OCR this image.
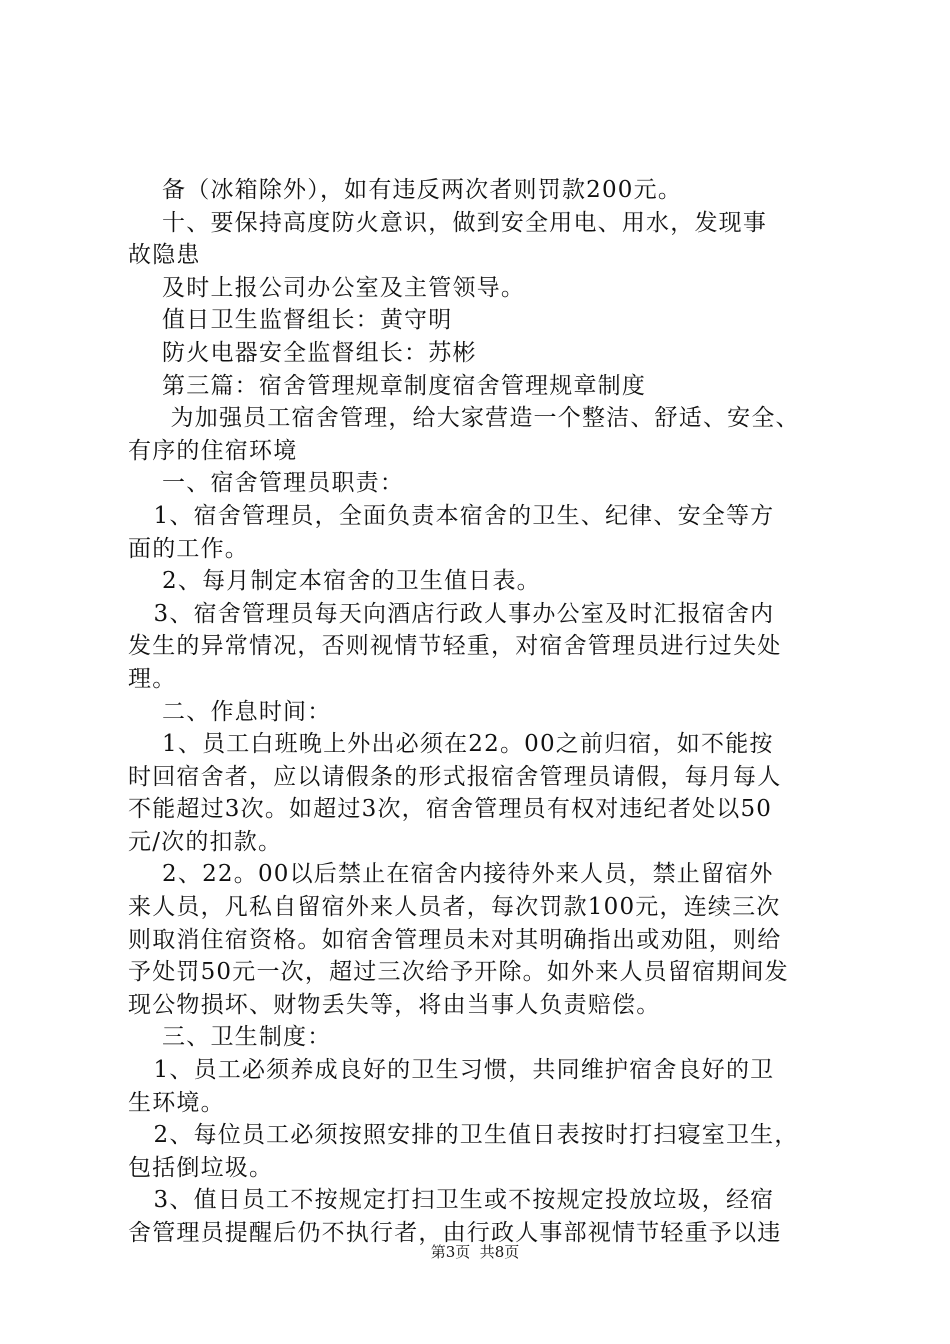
备（冰箱除外），如有违反两次者则罚款200元。
十、要保持高度防火意识，做到安全用电、用水，发现事
故隐患
及时上报公司办公室及主管领导。
值日卫生监督组长：黄守明
防火电器安全监督组长：苏彬
第三篇：宿舍管理规章制度宿舍管理规章制度
为加强员工宿舍管理，给大家营造一个整洁、舒适、安全、
有序的住宿环境
一、宿舍管理员职责：
1、宿舍管理员，全面负责本宿舍的卫生、纪律、安全等方
面的工作。
2、每月制定本宿舍的卫生值日表。
3、宿舍管理员每天向酒店行政人事办公室及时汇报宿舍内
发生的异常情况，否则视情节轻重，对宿舍管理员进行过失处
理。
二、作息时间：
1、员工白班晚上外出必须在22。00之前归宿，如不能按
时回宿舍者，应以请假条的形式报宿舍管理员请假，每月每人
不能超过3次。如超过3次，宿舍管理员有权对违纪者处以50
元/次的扣款。
2、22。00以后禁止在宿舍内接待外来人员，禁止留宿外
来人员，凡私自留宿外来人员者，每次罚款100元，连续三次
则取消住宿资格。如宿舍管理员未对其明确指出或劝阻，则给
予处罚50元一次，超过三次给予开除。如外来人员留宿期间发
现公物损坏、财物丢失等，将由当事人负责赔偿。
三、卫生制度：
1、员工必须养成良好的卫生习惯，共同维护宿舍良好的卫
生环境。
2、每位员工必须按照安排的卫生值日表按时打扫寝室卫生，
包括倒垃圾。
3、值日员工不按规定打扫卫生或不按规定投放垃圾，经宿
舍管理员提醒后仍不执行者，由行政人事部视情节轻重予以违
第3页  共8页
